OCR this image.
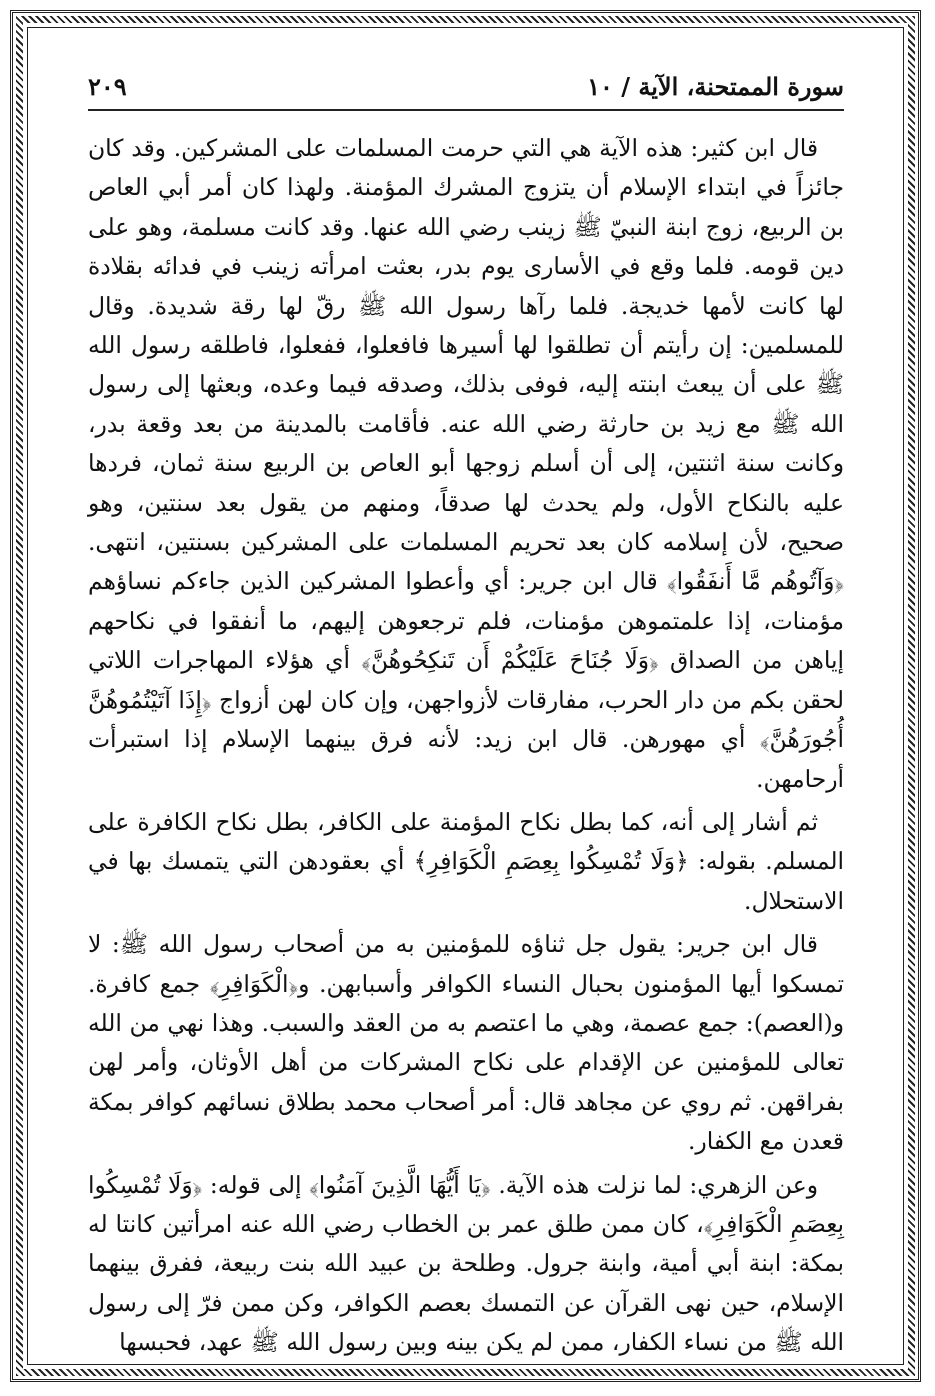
سورة الممتحنة، الآية / ١٠
٢٠٩

قال ابن كثير: هذه الآية هي التي حرمت المسلمات على المشركين. وقد كان جائزاً في ابتداء الإسلام أن يتزوج المشرك المؤمنة. ولهذا كان أمر أبي العاص بن الربيع، زوج ابنة النبيّ ﷺ زينب رضي الله عنها. وقد كانت مسلمة، وهو على دين قومه. فلما وقع في الأسارى يوم بدر، بعثت امرأته زينب في فدائه بقلادة لها كانت لأمها خديجة. فلما رآها رسول الله ﷺ رقّ لها رقة شديدة. وقال للمسلمين: إن رأيتم أن تطلقوا لها أسيرها فافعلوا، ففعلوا، فاطلقه رسول الله ﷺ على أن يبعث ابنته إليه، فوفى بذلك، وصدقه فيما وعده، وبعثها إلى رسول الله ﷺ مع زيد بن حارثة رضي الله عنه. فأقامت بالمدينة من بعد وقعة بدر، وكانت سنة اثنتين، إلى أن أسلم زوجها أبو العاص بن الربيع سنة ثمان، فردها عليه بالنكاح الأول، ولم يحدث لها صدقاً، ومنهم من يقول بعد سنتين، وهو صحيح، لأن إسلامه كان بعد تحريم المسلمات على المشركين بسنتين، انتهى. ﴿وَآتُوهُم مَّا أَنفَقُوا﴾ قال ابن جرير: أي وأعطوا المشركين الذين جاءكم نساؤهم مؤمنات، إذا علمتموهن مؤمنات، فلم ترجعوهن إليهم، ما أنفقوا في نكاحهم إياهن من الصداق ﴿وَلَا جُنَاحَ عَلَيْكُمْ أَن تَنكِحُوهُنَّ﴾ أي هؤلاء المهاجرات اللاتي لحقن بكم من دار الحرب، مفارقات لأزواجهن، وإن كان لهن أزواج ﴿إِذَا آتَيْتُمُوهُنَّ أُجُورَهُنَّ﴾ أي مهورهن. قال ابن زيد: لأنه فرق بينهما الإسلام إذا استبرأت أرحامهن.

ثم أشار إلى أنه، كما بطل نكاح المؤمنة على الكافر، بطل نكاح الكافرة على المسلم. بقوله: ﴿وَلَا تُمْسِكُوا بِعِصَمِ الْكَوَافِرِ﴾ أي بعقودهن التي يتمسك بها في الاستحلال.

قال ابن جرير: يقول جل ثناؤه للمؤمنين به من أصحاب رسول الله ﷺ: لا تمسكوا أيها المؤمنون بحبال النساء الكوافر وأسبابهن. و﴿الْكَوَافِرِ﴾ جمع كافرة. و(العصم): جمع عصمة، وهي ما اعتصم به من العقد والسبب. وهذا نهي من الله تعالى للمؤمنين عن الإقدام على نكاح المشركات من أهل الأوثان، وأمر لهن بفراقهن. ثم روي عن مجاهد قال: أمر أصحاب محمد بطلاق نسائهم كوافر بمكة قعدن مع الكفار.

وعن الزهري: لما نزلت هذه الآية. ﴿يَا أَيُّهَا الَّذِينَ آمَنُوا﴾ إلى قوله: ﴿وَلَا تُمْسِكُوا بِعِصَمِ الْكَوَافِرِ﴾، كان ممن طلق عمر بن الخطاب رضي الله عنه امرأتين كانتا له بمكة: ابنة أبي أمية، وابنة جرول. وطلحة بن عبيد الله بنت ربيعة، ففرق بينهما الإسلام، حين نهى القرآن عن التمسك بعصم الكوافر، وكن ممن فرّ إلى رسول الله ﷺ من نساء الكفار، ممن لم يكن بينه وبين رسول الله ﷺ عهد، فحبسها
